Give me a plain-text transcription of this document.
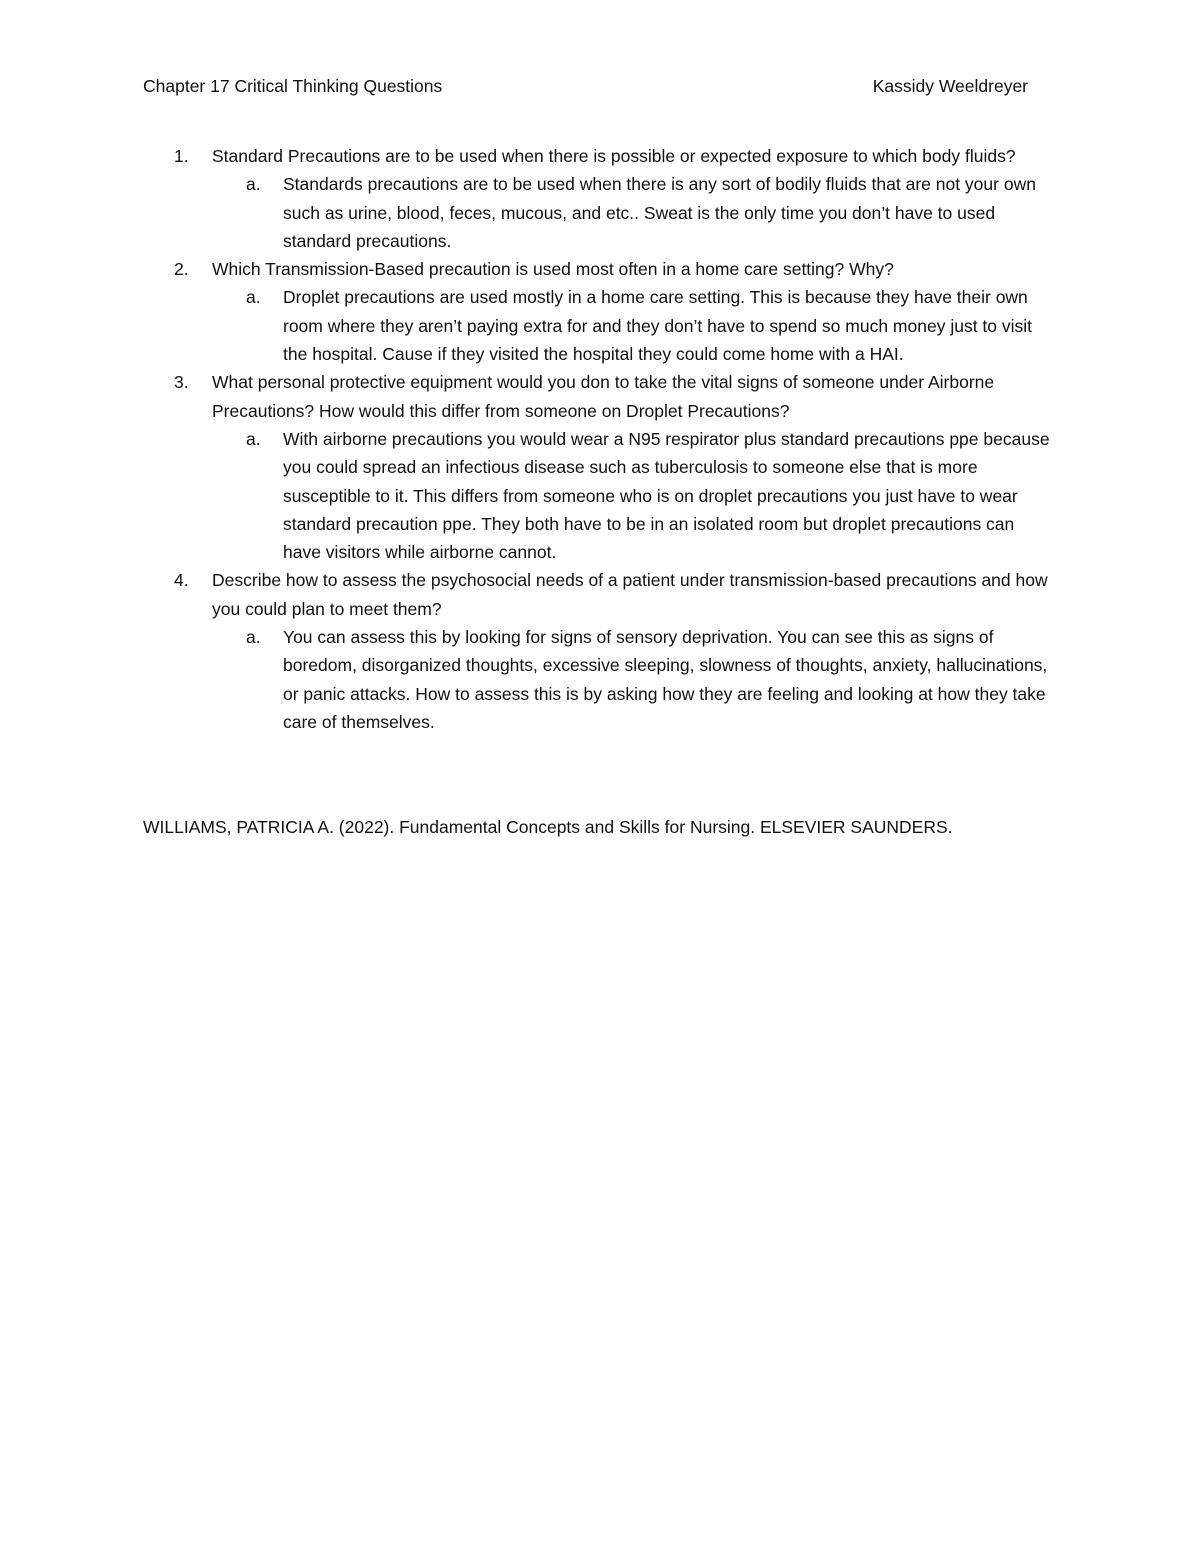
Chapter 17 Critical Thinking Questions	Kassidy Weeldreyer
1. Standard Precautions are to be used when there is possible or expected exposure to which body fluids?
a. Standards precautions are to be used when there is any sort of bodily fluids that are not your own such as urine, blood, feces, mucous, and etc.. Sweat is the only time you don’t have to used standard precautions.
2. Which Transmission-Based precaution is used most often in a home care setting? Why?
a. Droplet precautions are used mostly in a home care setting. This is because they have their own room where they aren’t paying extra for and they don’t have to spend so much money just to visit the hospital. Cause if they visited the hospital they could come home with a HAI.
3. What personal protective equipment would you don to take the vital signs of someone under Airborne Precautions? How would this differ from someone on Droplet Precautions?
a. With airborne precautions you would wear a N95 respirator plus standard precautions ppe because you could spread an infectious disease such as tuberculosis to someone else that is more susceptible to it. This differs from someone who is on droplet precautions you just have to wear standard precaution ppe. They both have to be in an isolated room but droplet precautions can have visitors while airborne cannot.
4. Describe how to assess the psychosocial needs of a patient under transmission-based precautions and how you could plan to meet them?
a. You can assess this by looking for signs of sensory deprivation. You can see this as signs of boredom, disorganized thoughts, excessive sleeping, slowness of thoughts, anxiety, hallucinations, or panic attacks. How to assess this is by asking how they are feeling and looking at how they take care of themselves.
WILLIAMS, PATRICIA A. (2022). Fundamental Concepts and Skills for Nursing. ELSEVIER SAUNDERS.
